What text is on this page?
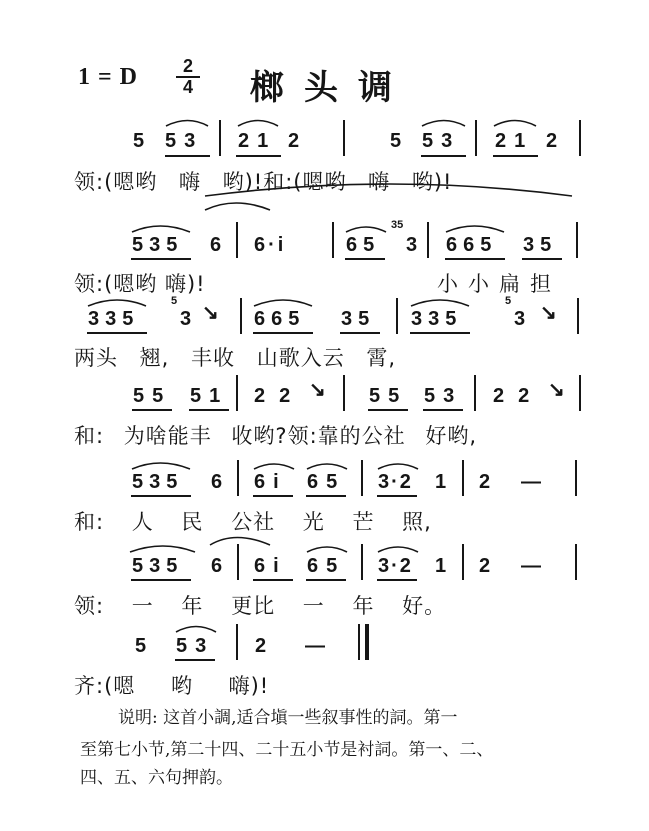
1 = D	2
4 榔头调
5 53 21 2	5 53 21 2
领:(嗯哟 嗨 哟)!和:(嗯哟 嗨 哟)!
535 6 6·i	65
35
3 665 35
领:(嗯哟 嗨)!	小小扁担
335
5
3 ↘ 665 35 335
5
3 ↘
两头 翘, 丰收 山歌入云 霄,
55 51 22 ↘ 55 53 22 ↘
和: 为啥能丰 收哟?领:靠的公社 好哟,
535 6 6i 65 3·2 1 2 —
和: 人 民 公社 光 芒 照,
535 6 6i 65 3·2 1 2 —
领: 一 年 更比 一 年 好。
5 53 2 —
齐:(嗯 哟 嗨)!
说明: 这首小調,适合塡一些叙事性的詞。第一
至第七小节,第二十四、二十五小节是衬詞。第一、二、
四、五、六句押韵。
